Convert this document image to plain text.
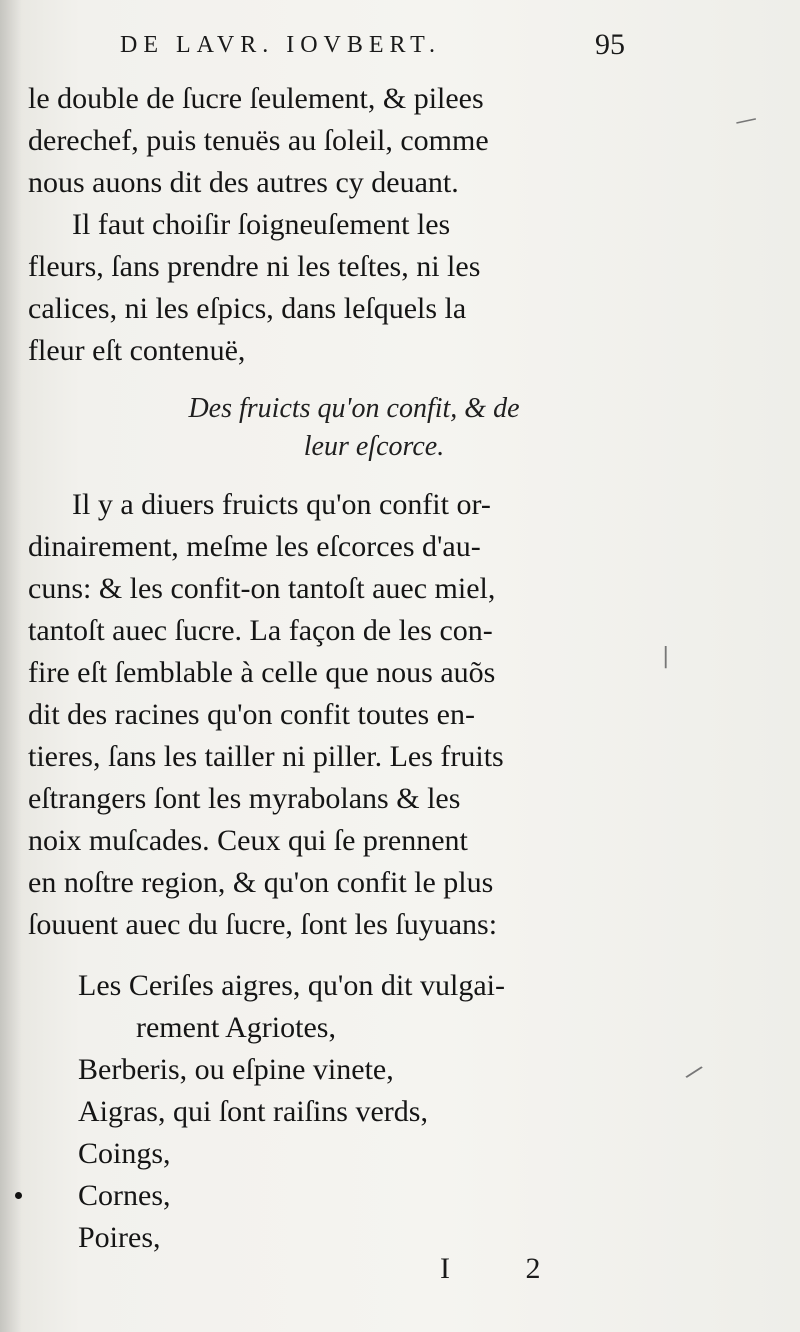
DE LAVR. IOVBERT.	95
le double de ſucre ſeulement, & pilees
derechef, puis tenuës au ſoleil, comme
nous auons dit des autres cy deuant.
Il faut choiſir ſoigneuſement les
fleurs, ſans prendre ni les teſtes, ni les
calices, ni les eſpics, dans leſquels la
fleur eſt contenuë,
Des fruicts qu'on confit, & de
leur eſcorce.
Il y a diuers fruicts qu'on confit or-
dinairement, meſme les eſcorces d'au-
cuns: & les confit-on tantoſt auec miel,
tantoſt auec ſucre. La façon de les con-
fire eſt ſemblable à celle que nous auõs
dit des racines qu'on confit toutes en-
tieres, ſans les tailler ni piller. Les fruits
eſtrangers ſont les myrabolans & les
noix muſcades. Ceux qui ſe prennent
en noſtre region, & qu'on confit le plus
ſouuent auec du ſucre, ſont les ſuyuans:
Les Ceriſes aigres, qu'on dit vulgai-
rement Agriotes,
Berberis, ou eſpine vinete,
Aigras, qui ſont raiſins verds,
Coings,
Cornes,
Poires,
I 2
—
|
/
